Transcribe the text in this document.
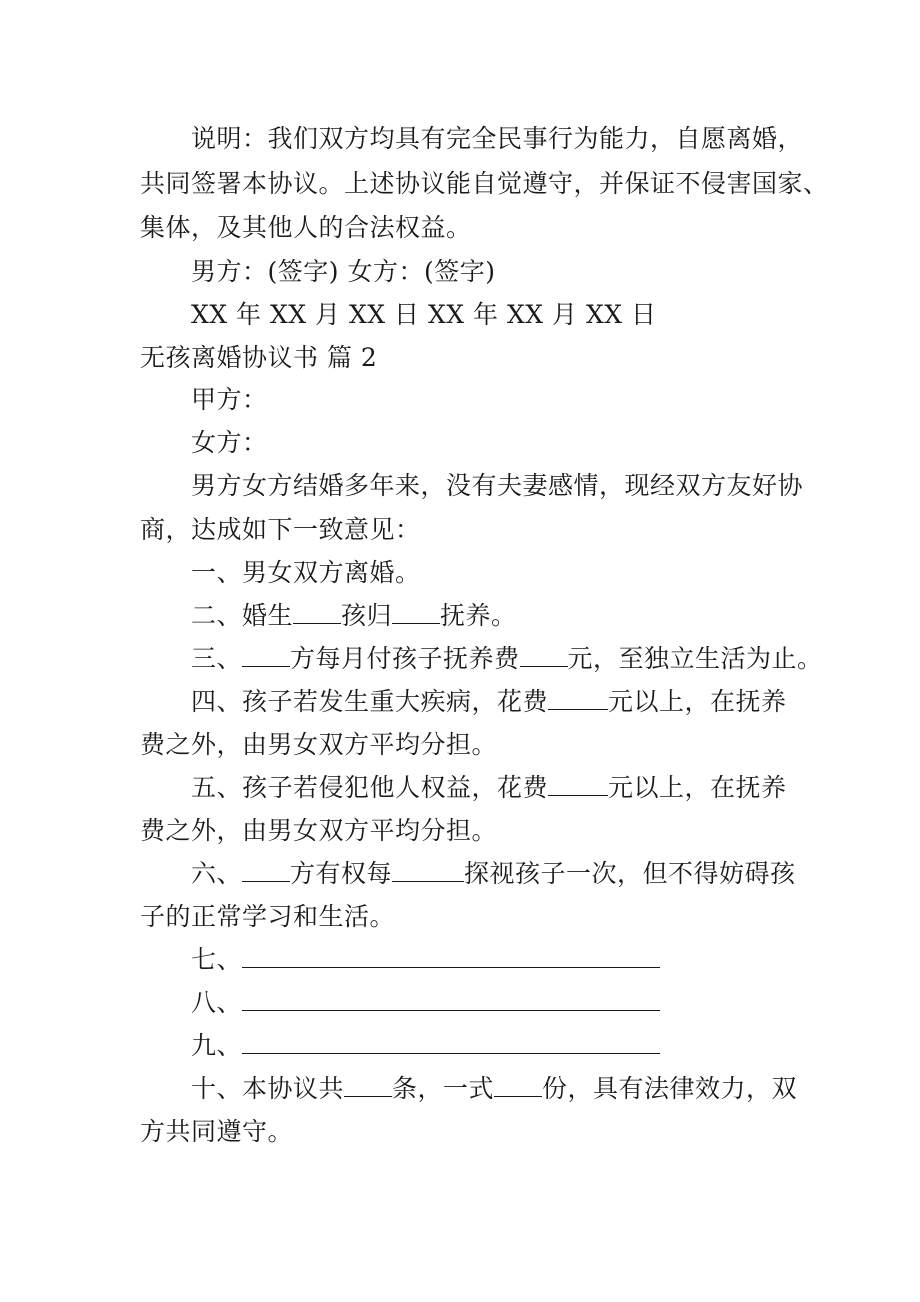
说明：我们双方均具有完全民事行为能力，自愿离婚，
共同签署本协议。上述协议能自觉遵守，并保证不侵害国家、
集体，及其他人的合法权益。
男方：(签字) 女方：(签字)
XX 年 XX 月 XX 日 XX 年 XX 月 XX 日
无孩离婚协议书 篇 2
甲方：
女方：
男方女方结婚多年来，没有夫妻感情，现经双方友好协
商，达成如下一致意见：
一、男女双方离婚。
二、婚生 孩归 抚养。
三、 方每月付孩子抚养费 元，至独立生活为止。
四、孩子若发生重大疾病，花费 元以上，在抚养
费之外，由男女双方平均分担。
五、孩子若侵犯他人权益，花费 元以上，在抚养
费之外，由男女双方平均分担。
六、 方有权每	探视孩子一次，但不得妨碍孩
子的正常学习和生活。
七、
八、
九、
十、本协议共 条，一式 份，具有法律效力，双
方共同遵守。
